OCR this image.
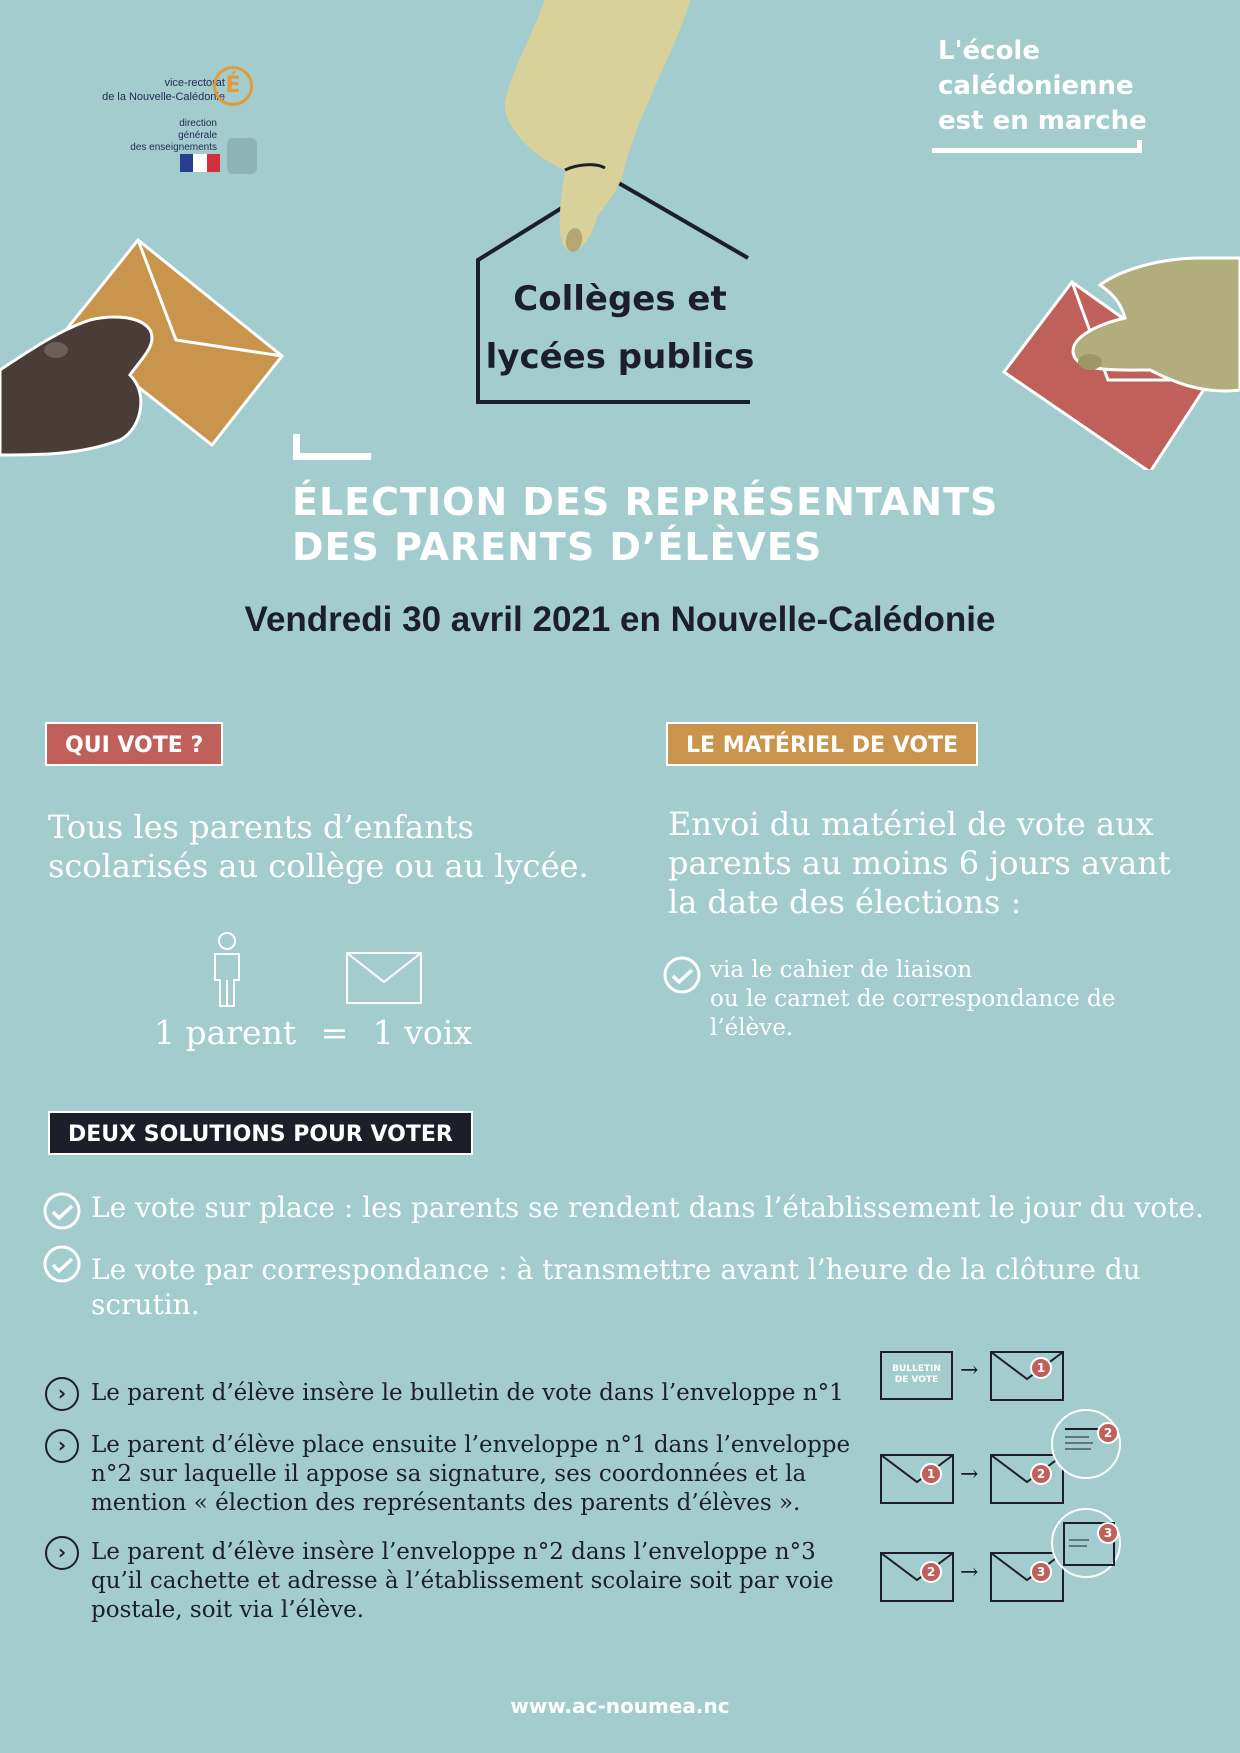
vice-rectorat
de la Nouvelle-Calédonie É
direction
générale
des enseignements
L'école
calédonienne
est en marche
Collèges et
lycées publics
ÉLECTION DES REPRÉSENTANTS
DES PARENTS D’ÉLÈVES
Vendredi 30 avril 2021 en Nouvelle-Calédonie
QUI VOTE ?
Tous les parents d’enfants
scolarisés au collège ou au lycée.
1 parent = 1 voix
LE MATÉRIEL DE VOTE
Envoi du matériel de vote aux
parents au moins 6 jours avant
la date des élections :
via le cahier de liaison
ou le carnet de correspondance de
l’élève.
DEUX SOLUTIONS POUR VOTER
Le vote sur place : les parents se rendent dans l’établissement le jour du vote.
Le vote par correspondance : à transmettre avant l’heure de la clôture du
scrutin.
›	Le parent d’élève insère le bulletin de vote dans l’enveloppe n°1
›	Le parent d’élève place ensuite l’enveloppe n°1 dans l’enveloppe
n°2 sur laquelle il appose sa signature, ses coordonnées et la
mention « élection des représentants des parents d’élèves ».
›	Le parent d’élève insère l’enveloppe n°2 dans l’enveloppe n°3
qu’il cachette et adresse à l’établissement scolaire soit par voie
postale, soit via l’élève.
BULLETIN
DE VOTE →	1
1	→	2
2
2	→	3
3
www.ac-noumea.nc
